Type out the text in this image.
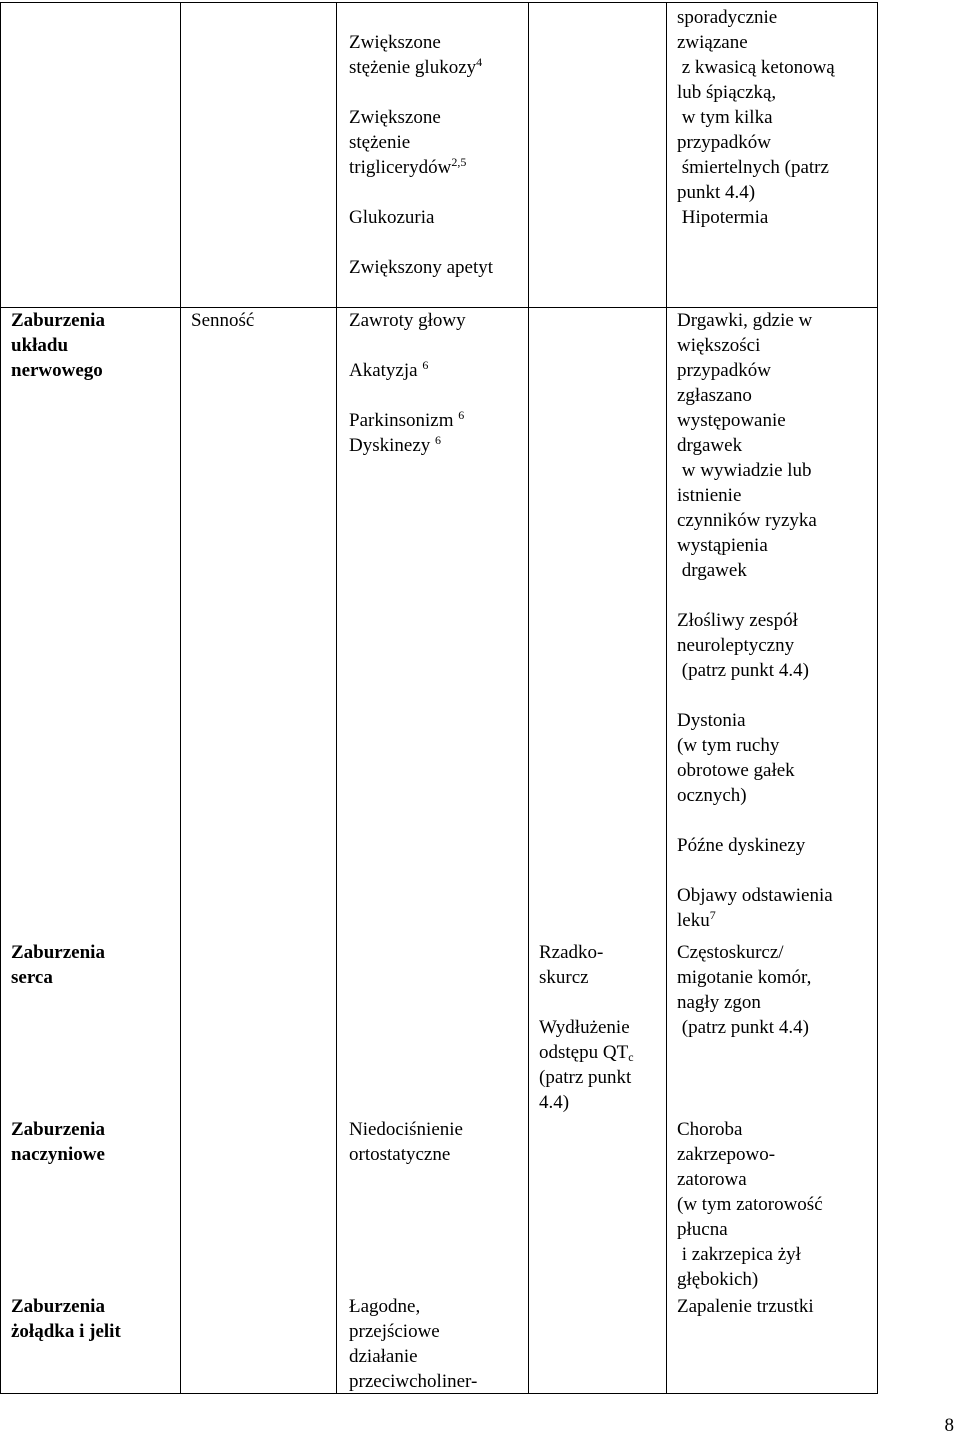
Zwiększone
stężenie glukozy$^4$
Zwiększone
stężenie
triglicerydów$^{2,5}$
Glukozuria
Zwiększony apetyt
sporadycznie
związane
z kwasicą ketonową
lub śpiączką,
w tym kilka
przypadków
śmiertelnych (patrz
punkt 4.4)
Hipotermia
Zaburzenia
układu
nerwowego
Senność	Zawroty głowy
Akatyzja $^6$
Parkinsonizm $^6$
Dyskinezy $^6$
Drgawki, gdzie w
większości
przypadków
zgłaszano
występowanie
drgawek
w wywiadzie lub
istnienie
czynników ryzyka
wystąpienia
drgawek
Złośliwy zespół
neuroleptyczny
(patrz punkt 4.4)
Dystonia
(w tym ruchy
obrotowe gałek
ocznych)
Późne dyskinezy
Objawy odstawienia
leku$^7$
Zaburzenia
serca
Rzadko-
skurcz
Wydłużenie
odstępu $QT_c$
(patrz punkt
4.4)
Częstoskurcz/
migotanie komór,
nagły zgon
(patrz punkt 4.4)
Zaburzenia
naczyniowe
Niedociśnienie
ortostatyczne
Choroba
zakrzepowo-
zatorowa
(w tym zatorowość
płucna
i zakrzepica żył
głębokich)
Zaburzenia
żołądka i jelit
Łagodne,
przejściowe
działanie
przeciwcholiner-
Zapalenie trzustki
8
